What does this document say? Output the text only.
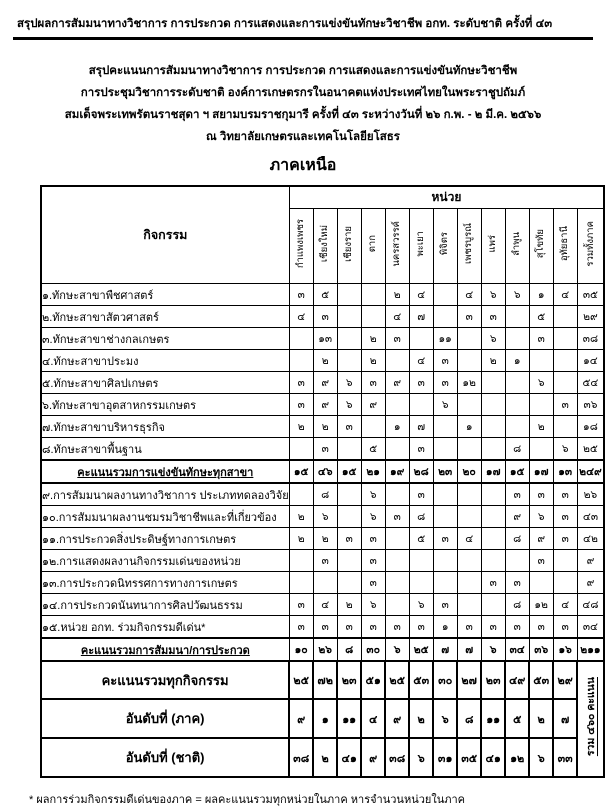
สรุปผลการสัมมนาทางวิชาการ การประกวด การแสดงและการแข่งขันทักษะวิชาชีพ อกท. ระดับชาติ ครั้งที่ ๔๓

สรุปคะแนนการสัมมนาทางวิชาการ การประกวด การแสดงและการแข่งขันทักษะวิชาชีพ

การประชุมวิชาการระดับชาติ องค์การเกษตรกรในอนาคตแห่งประเทศไทยในพระราชูปถัมภ์

สมเด็จพระเทพรัตนราชสุดา ฯ สยามบรมราชกุมารี ครั้งที่ ๔๓ ระหว่างวันที่ ๒๖ ก.พ. - ๒ มี.ค. ๒๕๖๖

ณ วิทยาลัยเกษตรและเทคโนโลยียโสธร

ภาคเหนือ
กิจกรรม	หน่วย												
	กำแพงเพชร	เชียงใหม่	เชียงราย	ตาก	นครสวรรค์	พะเยา	พิจิตร	เพชรบูรณ์	แพร่	ลำพูน	สุโขทัย	อุทัยธานี	รวมทั้งภาค
๑.ทักษะสาขาพืชศาสตร์	๓	๕			๒	๔		๔	๖	๖	๑	๔	๓๕
๒.ทักษะสาขาสัตวศาสตร์	๔	๓			๔	๗		๓	๓		๕		๒๙
๓.ทักษะสาขาช่างกลเกษตร		๑๓		๒	๓		๑๑		๖		๓		๓๘
๔.ทักษะสาขาประมง		๒		๒		๔	๓		๒	๑			๑๔
๕.ทักษะสาขาศิลปเกษตร	๓	๙	๖	๓	๙	๓	๓	๑๒			๖		๕๔
๖.ทักษะสาขาอุตสาหกรรมเกษตร	๓	๙	๖	๙			๖					๓	๓๖
๗.ทักษะสาขาบริหารธุรกิจ	๒	๒	๓		๑	๗		๑			๒		๑๘
๘.ทักษะสาขาพื้นฐาน		๓		๕		๓				๘		๖	๒๕
คะแนนรวมการแข่งขันทักษะทุกสาขา	๑๕	๔๖	๑๕	๒๑	๑๙	๒๘	๒๓	๒๐	๑๗	๑๕	๑๗	๑๓	๒๔๙
๙.การสัมมนาผลงานทางวิชาการ ประเภททดลองวิจัย		๘		๖		๓				๓	๓	๓	๒๖
๑๐.การสัมมนาผลงานชมรมวิชาชีพและที่เกี่ยวข้อง	๒	๖		๖	๓	๘				๙	๖	๓	๔๓
๑๑.การประกวดสิ่งประดิษฐ์ทางการเกษตร	๒	๒	๓	๓		๕	๓	๔		๘	๙	๓	๔๒
๑๒.การแสดงผลงานกิจกรรมเด่นของหน่วย		๓		๓							๓		๙
๑๓.การประกวดนิทรรศการทางการเกษตร				๓					๓	๓			๙
๑๔.การประกวดนันทนาการศิลปวัฒนธรรม	๓	๔	๒	๖		๖	๓			๘	๑๒	๔	๔๘
๑๕.หน่วย อกท. ร่วมกิจกรรมดีเด่น*	๓	๓	๓	๓	๓	๓	๑	๓	๓	๓	๓	๓	๓๔
คะแนนรวมการสัมมนา/การประกวด	๑๐	๒๖	๘	๓๐	๖	๒๕	๗	๗	๖	๓๔	๓๖	๑๖	๒๑๑
คะแนนรวมทุกกิจกรรม	๒๕	๗๒	๒๓	๕๑	๒๕	๕๓	๓๐	๒๗	๒๓	๔๙	๕๓	๒๙	รวม ๔๖๐ คะแนน
อันดับที่ (ภาค)	๙	๑	๑๑	๔	๙	๒	๖	๘	๑๑	๕	๒	๗	
อันดับที่ (ชาติ)	๓๘	๒	๔๑	๙	๓๘	๖	๓๑	๓๕	๔๑	๑๒	๖	๓๓	
* ผลการร่วมกิจกรรมดีเด่นของภาค = ผลคะแนนรวมทุกหน่วยในภาค หารจำนวนหน่วยในภาค
